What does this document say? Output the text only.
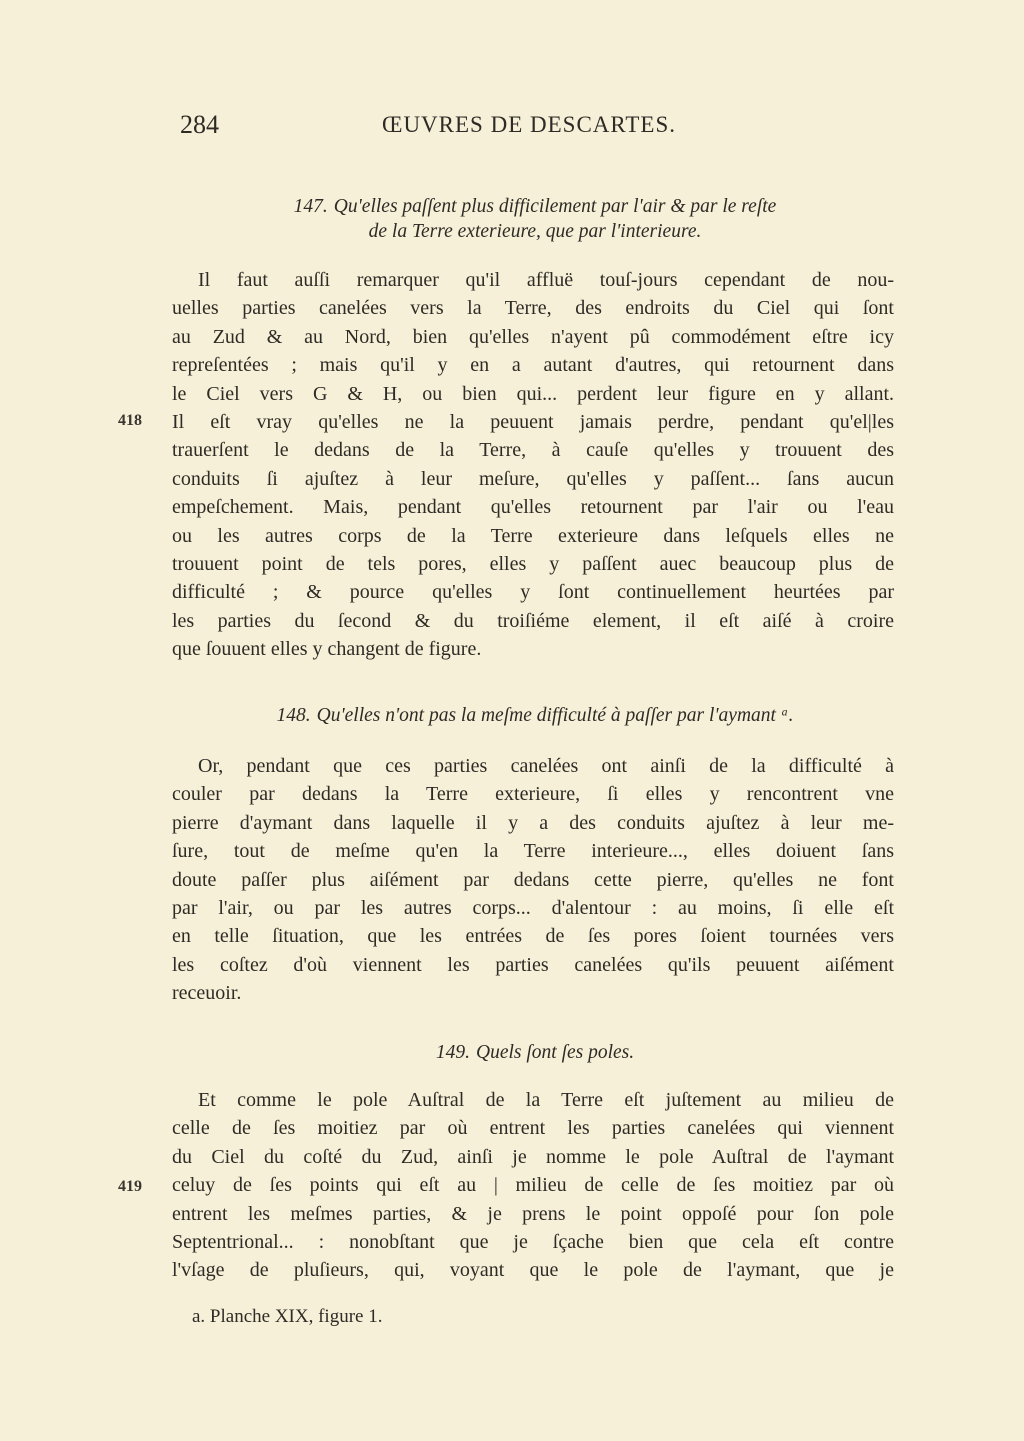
284	ŒUVRES DE DESCARTES.
147. Qu'elles paſſent plus difficilement par l'air & par le reſte
de la Terre exterieure, que par l'interieure.
Il faut auſſi remarquer qu'il affluë touſ-jours cependant de nou-
uelles parties canelées vers la Terre, des endroits du Ciel qui ſont
au Zud & au Nord, bien qu'elles n'ayent pû commodément eſtre icy
repreſentées ; mais qu'il y en a autant d'autres, qui retournent dans
le Ciel vers G & H, ou bien qui... perdent leur figure en y allant.
Il eſt vray qu'elles ne la peuuent jamais perdre, pendant qu'el|les
trauerſent le dedans de la Terre, à cauſe qu'elles y trouuent des
conduits ſi ajuſtez à leur meſure, qu'elles y paſſent... ſans aucun
empeſchement. Mais, pendant qu'elles retournent par l'air ou l'eau
ou les autres corps de la Terre exterieure dans leſquels elles ne
trouuent point de tels pores, elles y paſſent auec beaucoup plus de
difficulté ; & pource qu'elles y ſont continuellement heurtées par
les parties du ſecond & du troiſiéme element, il eſt aiſé à croire
que ſouuent elles y changent de figure.
418
148. Qu'elles n'ont pas la meſme difficulté à paſſer par l'aymant ᵃ.
Or, pendant que ces parties canelées ont ainſi de la difficulté à
couler par dedans la Terre exterieure, ſi elles y rencontrent vne
pierre d'aymant dans laquelle il y a des conduits ajuſtez à leur me-
ſure, tout de meſme qu'en la Terre interieure..., elles doiuent ſans
doute paſſer plus aiſément par dedans cette pierre, qu'elles ne font
par l'air, ou par les autres corps... d'alentour : au moins, ſi elle eſt
en telle ſituation, que les entrées de ſes pores ſoient tournées vers
les coſtez d'où viennent les parties canelées qu'ils peuuent aiſément
receuoir.
149. Quels ſont ſes poles.
Et comme le pole Auſtral de la Terre eſt juſtement au milieu de
celle de ſes moitiez par où entrent les parties canelées qui viennent
du Ciel du coſté du Zud, ainſi je nomme le pole Auſtral de l'aymant
celuy de ſes points qui eſt au | milieu de celle de ſes moitiez par où
entrent les meſmes parties, & je prens le point oppoſé pour ſon pole
Septentrional... : nonobſtant que je ſçache bien que cela eſt contre
l'vſage de pluſieurs, qui, voyant que le pole de l'aymant, que je
419
a. Planche XIX, figure 1.
